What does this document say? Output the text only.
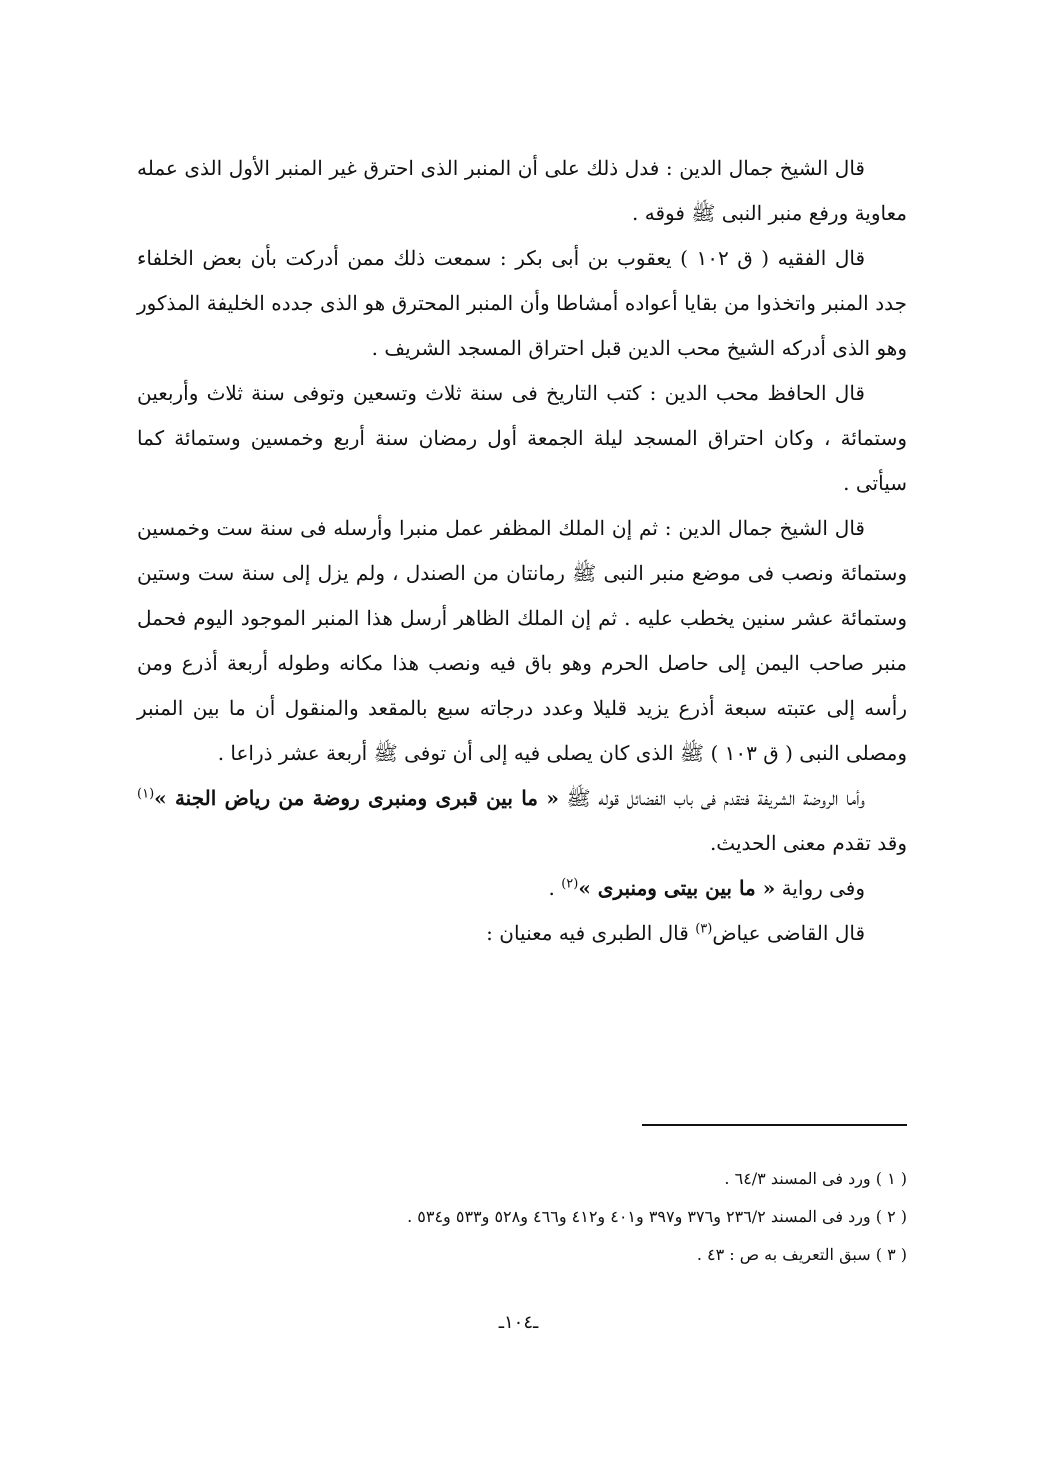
قال الشيخ جمال الدين : فدل ذلك على أن المنبر الذى احترق غير المنبر الأول الذى عمله معاوية ورفع منبر النبى ﷺ فوقه .

قال الفقيه ( ق ١٠٢ ) يعقوب بن أبى بكر : سمعت ذلك ممن أدركت بأن بعض الخلفاء جدد المنبر واتخذوا من بقايا أعواده أمشاطا وأن المنبر المحترق هو الذى جدده الخليفة المذكور وهو الذى أدركه الشيخ محب الدين قبل احتراق المسجد الشريف .

قال الحافظ محب الدين : كتب التاريخ فى سنة ثلاث وتسعين وتوفى سنة ثلاث وأربعين وستمائة ، وكان احتراق المسجد ليلة الجمعة أول رمضان سنة أربع وخمسين وستمائة كما سيأتى .

قال الشيخ جمال الدين : ثم إن الملك المظفر عمل منبرا وأرسله فى سنة ست وخمسين وستمائة ونصب فى موضع منبر النبى ﷺ رمانتان من الصندل ، ولم يزل إلى سنة ست وستين وستمائة عشر سنين يخطب عليه . ثم إن الملك الظاهر أرسل هذا المنبر الموجود اليوم فحمل منبر صاحب اليمن إلى حاصل الحرم وهو باق فيه ونصب هذا مكانه وطوله أربعة أذرع ومن رأسه إلى عتبته سبعة أذرع يزيد قليلا وعدد درجاته سبع بالمقعد والمنقول أن ما بين المنبر ومصلى النبى ( ق ١٠٣ ) ﷺ الذى كان يصلى فيه إلى أن توفى ﷺ أربعة عشر ذراعا .

وأما الروضة الشريفة فتقدم فى باب الفضائل قوله ﷺ « ما بين قبرى ومنبرى روضة من رياض الجنة »$^{(١)}$ وقد تقدم معنى الحديث.

وفى رواية « ما بين بيتى ومنبرى »$^{(٢)}$ .

قال القاضى عياض$^{(٣)}$ قال الطبرى فيه معنيان :

( ١ ) ورد فى المسند ٦٤/٣ .

( ٢ ) ورد فى المسند ٢٣٦/٢ و٣٧٦ و٣٩٧ و٤٠١ و٤١٢ و٤٦٦ و٥٢٨ و٥٣٣ و٥٣٤ .

( ٣ ) سبق التعريف به ص : ٤٣ .

ـ١٠٤ـ
